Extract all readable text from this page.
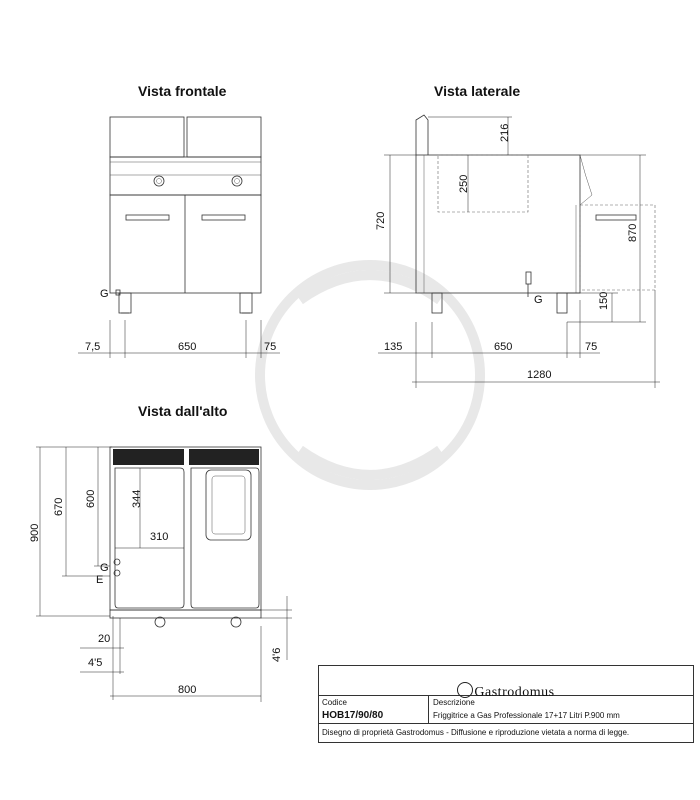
Vista frontale
G
7,5	650	75
Vista laterale
G
216
250
720
870
150
135	650	75
1280
Vista dall'alto
G
E
900
670 600	344
310
20
4'5
4'6
800	Gastrodomus
Codice
HOB17/90/80
Descrizione
Friggitrice a Gas Professionale 17+17 Litri P.900 mm
Disegno di proprietà Gastrodomus - Diffusione e riproduzione vietata a norma di legge.
